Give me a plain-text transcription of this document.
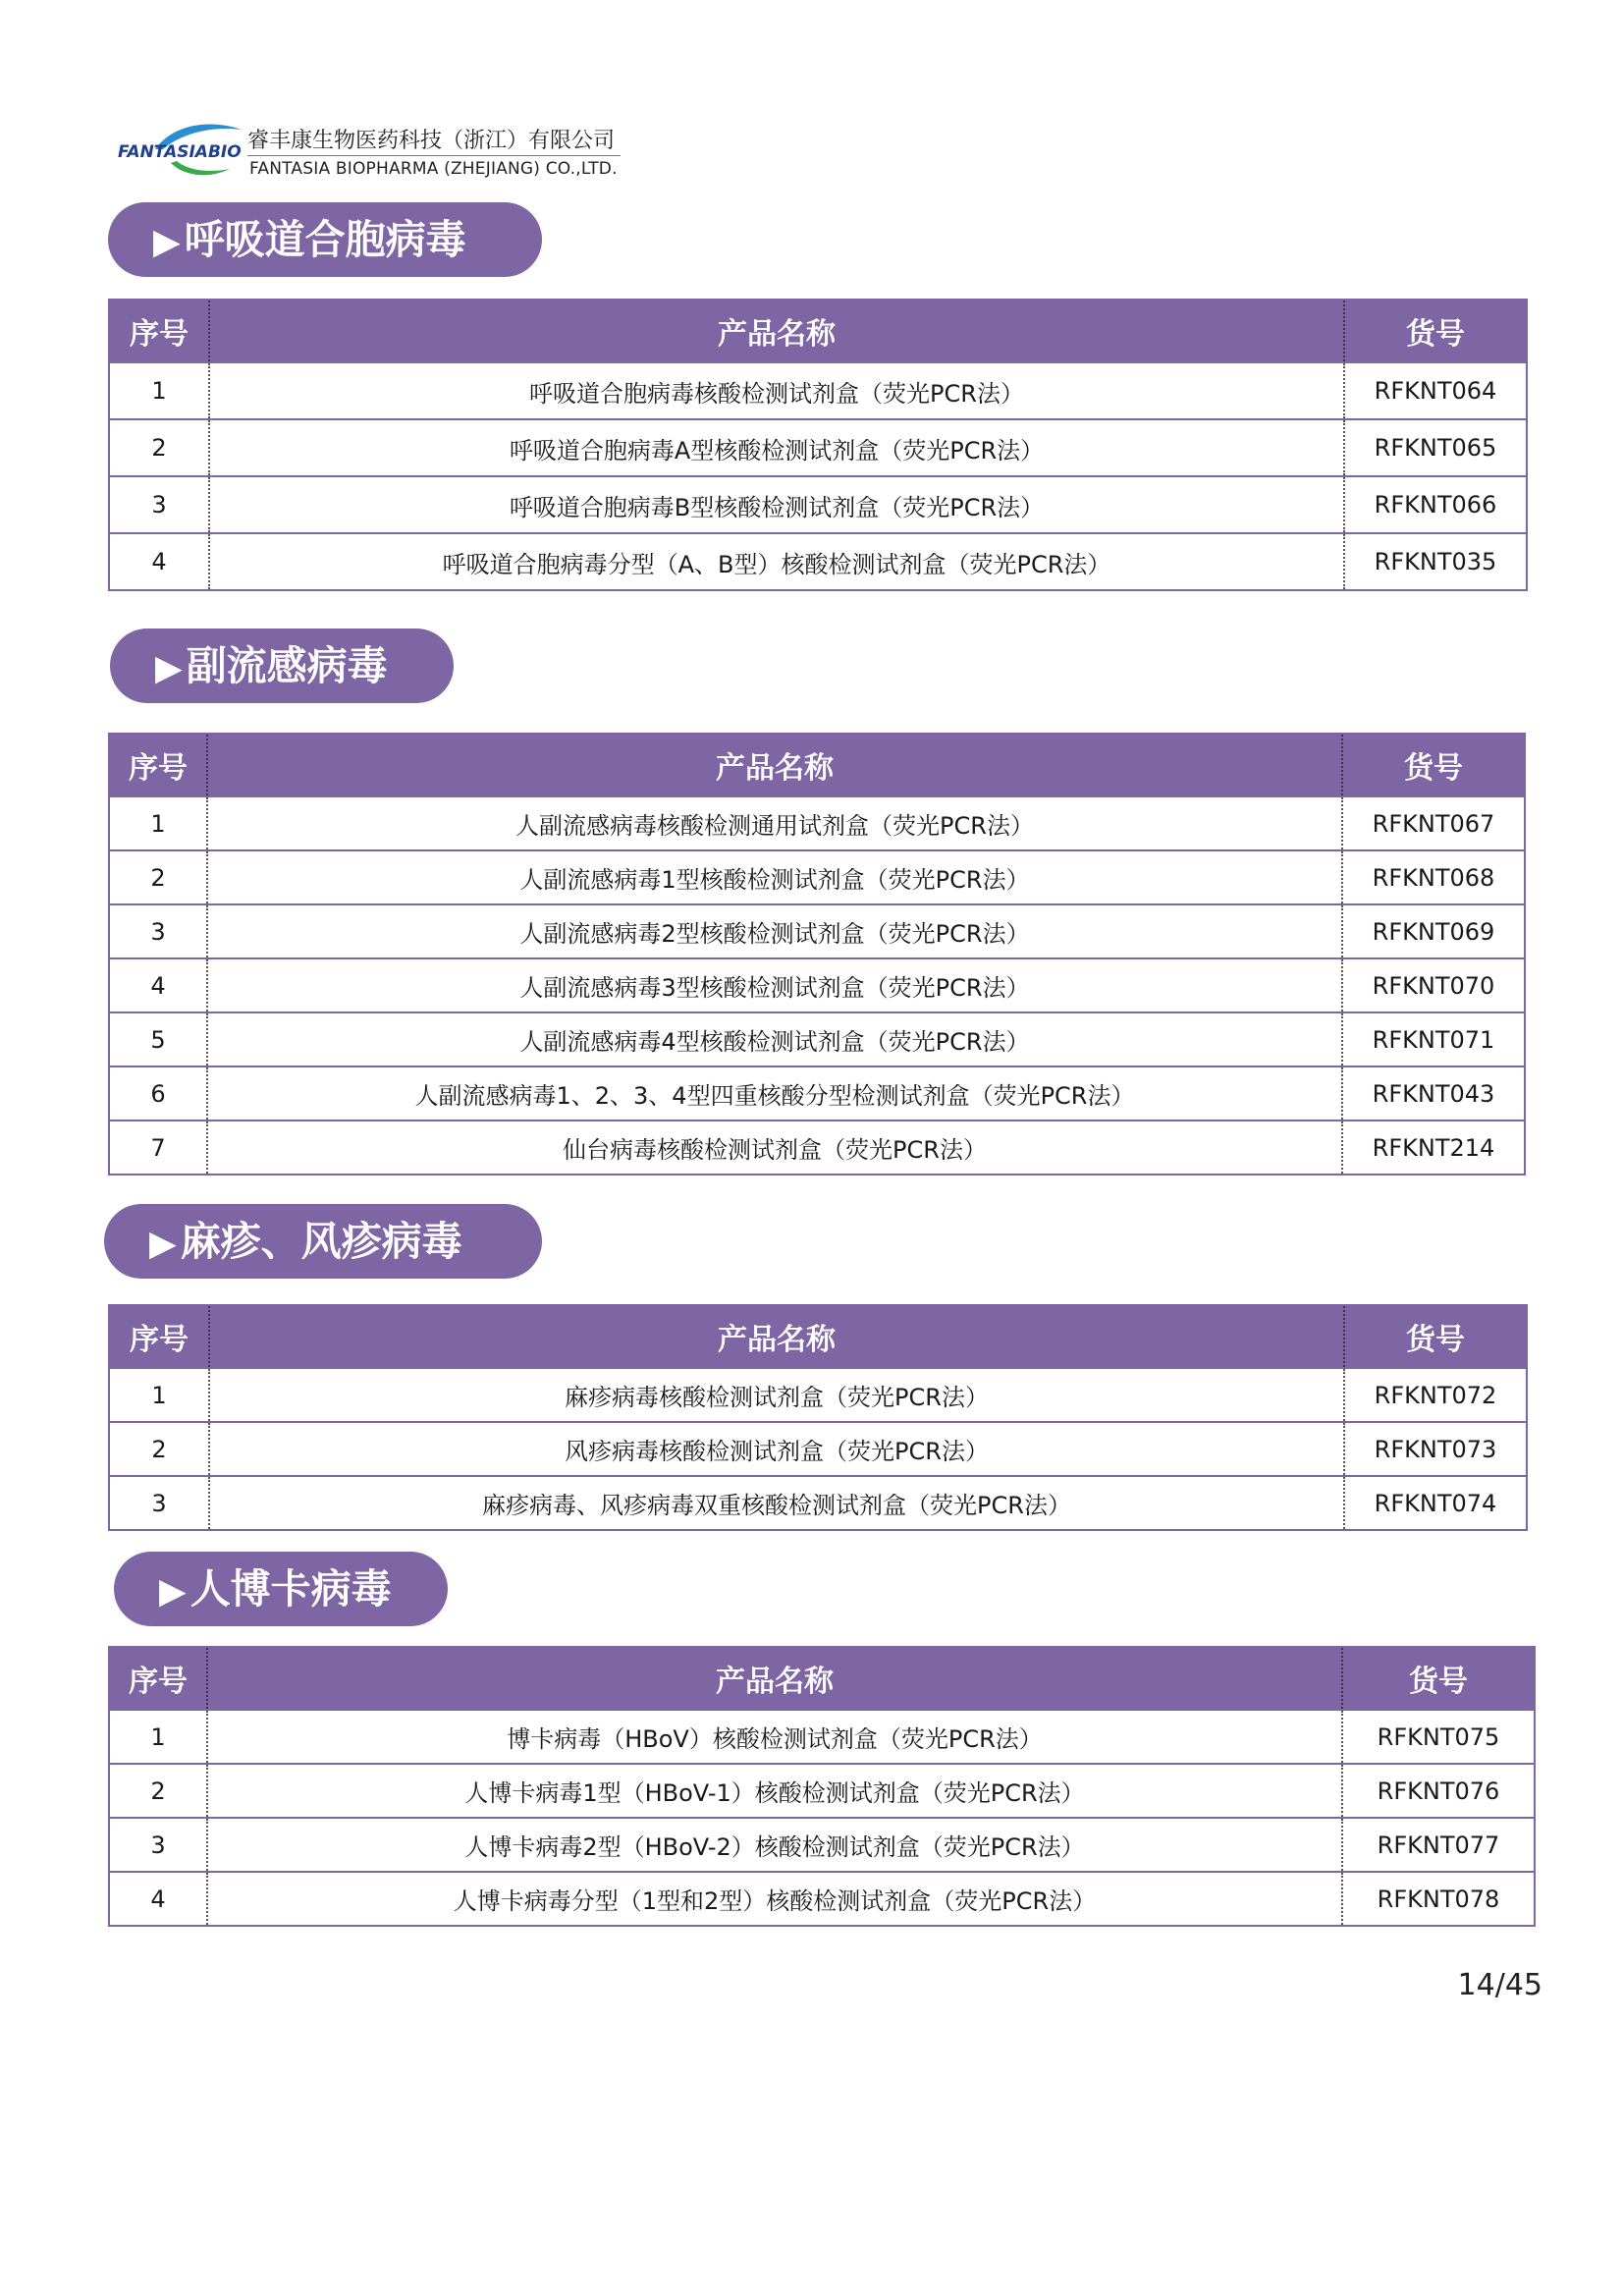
FANTASIABIO 睿丰康生物医药科技（浙江）有限公司
FANTASIA BIOPHARMA (ZHEJIANG) CO.,LTD.
▶呼吸道合胞病毒
序号	产品名称	货号
1	呼吸道合胞病毒核酸检测试剂盒（荧光PCR法）	RFKNT064
2	呼吸道合胞病毒A型核酸检测试剂盒（荧光PCR法）	RFKNT065
3	呼吸道合胞病毒B型核酸检测试剂盒（荧光PCR法）	RFKNT066
4	呼吸道合胞病毒分型（A、B型）核酸检测试剂盒（荧光PCR法）	RFKNT035
▶副流感病毒
序号	产品名称	货号
1	人副流感病毒核酸检测通用试剂盒（荧光PCR法）	RFKNT067
2	人副流感病毒1型核酸检测试剂盒（荧光PCR法）	RFKNT068
3	人副流感病毒2型核酸检测试剂盒（荧光PCR法）	RFKNT069
4	人副流感病毒3型核酸检测试剂盒（荧光PCR法）	RFKNT070
5	人副流感病毒4型核酸检测试剂盒（荧光PCR法）	RFKNT071
6	人副流感病毒1、2、3、4型四重核酸分型检测试剂盒（荧光PCR法）	RFKNT043
7	仙台病毒核酸检测试剂盒（荧光PCR法）	RFKNT214
▶麻疹、风疹病毒
序号	产品名称	货号
1	麻疹病毒核酸检测试剂盒（荧光PCR法）	RFKNT072
2	风疹病毒核酸检测试剂盒（荧光PCR法）	RFKNT073
3	麻疹病毒、风疹病毒双重核酸检测试剂盒（荧光PCR法）	RFKNT074
▶人博卡病毒
序号	产品名称	货号
1	博卡病毒（HBoV）核酸检测试剂盒（荧光PCR法）	RFKNT075
2	人博卡病毒1型（HBoV-1）核酸检测试剂盒（荧光PCR法）	RFKNT076
3	人博卡病毒2型（HBoV-2）核酸检测试剂盒（荧光PCR法）	RFKNT077
4	人博卡病毒分型（1型和2型）核酸检测试剂盒（荧光PCR法）	RFKNT078
14/45
